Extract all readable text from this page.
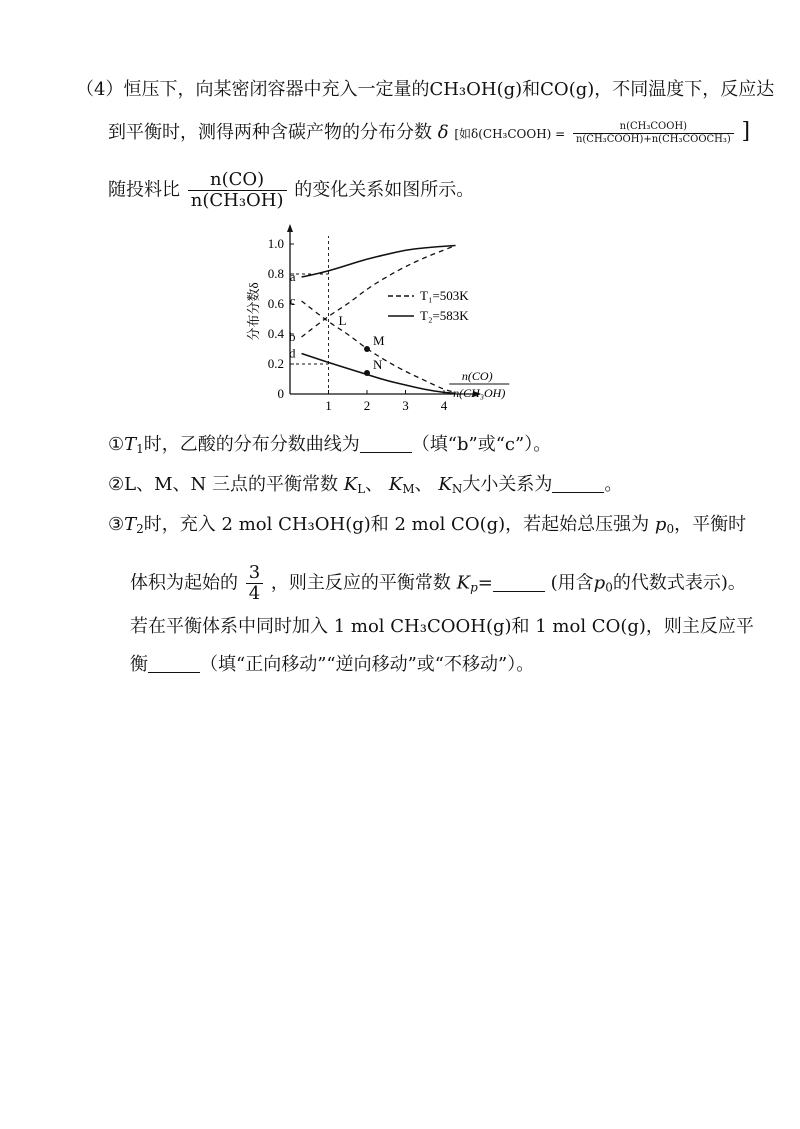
（4）恒压下，向某密闭容器中充入一定量的CH₃OH(g)和CO(g)，不同温度下，反应达
到平衡时，测得两种含碳产物的分布分数 δ [如δ(CH₃COOH) = $\frac{\text{n(CH₃COOH)}}{\text{n(CH₃COOH)+n(CH₃COOCH₃)}}$ ]
随投料比 $\frac{n(CO)}{\text{n(CH₃OH)}}$ 的变化关系如图所示。
0
0.2
0.4
0.6
0.8
1.0
1 2 3 4
分布分数δ
n(CO)
n(CH₃OH)
a
c
b
d
L
M
N
T₁=503K
T₂=583K
$①T_1$时，乙酸的分布分数曲线为	（填“b”或“c”）。
②L、M、N 三点的平衡常数 $K_L$、 $K_M$、 $K_N$大小关系为	。
$③T_2$时，充入 2 mol CH₃OH(g)和 2 mol CO(g)，若起始总压强为 $p_0$，平衡时
体积为起始的 $\frac{3}{4}$ ，则主反应的平衡常数 $K_p=$	(用含$p_0$的代数式表示)。
若在平衡体系中同时加入 1 mol CH₃COOH(g)和 1 mol CO(g)，则主反应平
衡	（填“正向移动”“逆向移动”或“不移动”）。
